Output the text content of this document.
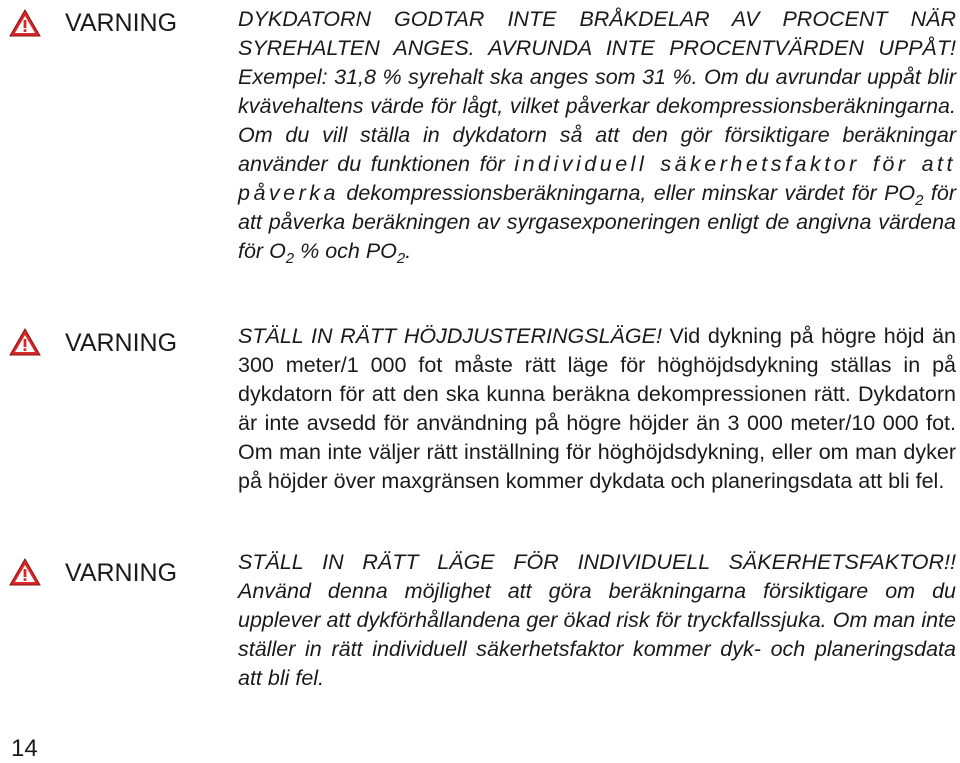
VARNING	DYKDATORN GODTAR INTE BRÅKDELAR AV PROCENT NÄR SYREHALTEN ANGES. AVRUNDA INTE PROCENTVÄRDEN UPPÅT! Exempel: 31,8 % syrehalt ska anges som 31 %. Om du avrundar uppåt blir kvävehaltens värde för lågt, vilket påverkar dekompressionsberäkningarna. Om du vill ställa in dykdatorn så att den gör försiktigare beräkningar använder du funktionen för individuell säkerhetsfaktor för att påverka dekompressionsberäkningarna, eller minskar värdet för $PO_2$ för att påverka beräkningen av syrgasexponeringen enligt de angivna värdena för $O_2$ % och $PO_2$.
VARNING	STÄLL IN RÄTT HÖJDJUSTERINGSLÄGE! Vid dykning på högre höjd än 300 meter/1 000 fot måste rätt läge för höghöjdsdykning ställas in på dykdatorn för att den ska kunna beräkna dekompressionen rätt. Dykdatorn är inte avsedd för användning på högre höjder än 3 000 meter/10 000 fot. Om man inte väljer rätt inställning för höghöjdsdykning, eller om man dyker på höjder över maxgränsen kommer dykdata och planeringsdata att bli fel.
VARNING	STÄLL IN RÄTT LÄGE FÖR INDIVIDUELL SÄKERHETSFAKTOR!! Använd denna möjlighet att göra beräkningarna försiktigare om du upplever att dykförhållandena ger ökad risk för tryckfallssjuka. Om man inte ställer in rätt individuell säkerhetsfaktor kommer dyk- och planeringsdata att bli fel.
14
